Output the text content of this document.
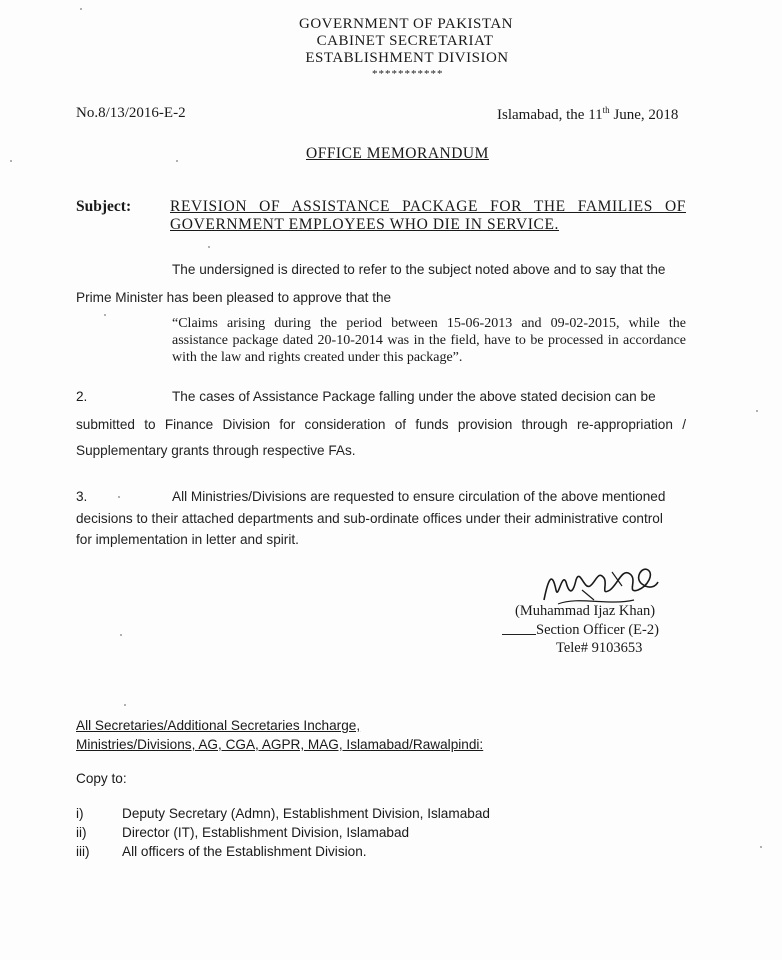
GOVERNMENT OF PAKISTAN
CABINET SECRETARIAT
ESTABLISHMENT DIVISION
***********
No.8/13/2016-E-2	Islamabad, the 11th June, 2018
OFFICE MEMORANDUM
Subject:	REVISION OF ASSISTANCE PACKAGE FOR THE FAMILIES OF GOVERNMENT EMPLOYEES WHO DIE IN SERVICE.
The undersigned is directed to refer to the subject noted above and to say that the
Prime Minister has been pleased to approve that the
“Claims arising during the period between 15-06-2013 and 09-02-2015, while the assistance package dated 20-10-2014 was in the field, have to be processed in accordance with the law and rights created under this package”.
2.	The cases of Assistance Package falling under the above stated decision can be
submitted to Finance Division for consideration of funds provision through re-appropriation /
Supplementary grants through respective FAs.
3.	All Ministries/Divisions are requested to ensure circulation of the above mentioned
decisions to their attached departments and sub-ordinate offices under their administrative control
for implementation in letter and spirit.
(Muhammad Ijaz Khan)
Section Officer (E-2)
Tele# 9103653
All Secretaries/Additional Secretaries Incharge,
Ministries/Divisions, AG, CGA, AGPR, MAG, Islamabad/Rawalpindi:
Copy to:
i)	Deputy Secretary (Admn), Establishment Division, Islamabad
ii)	Director (IT), Establishment Division, Islamabad
iii) All officers of the Establishment Division.
